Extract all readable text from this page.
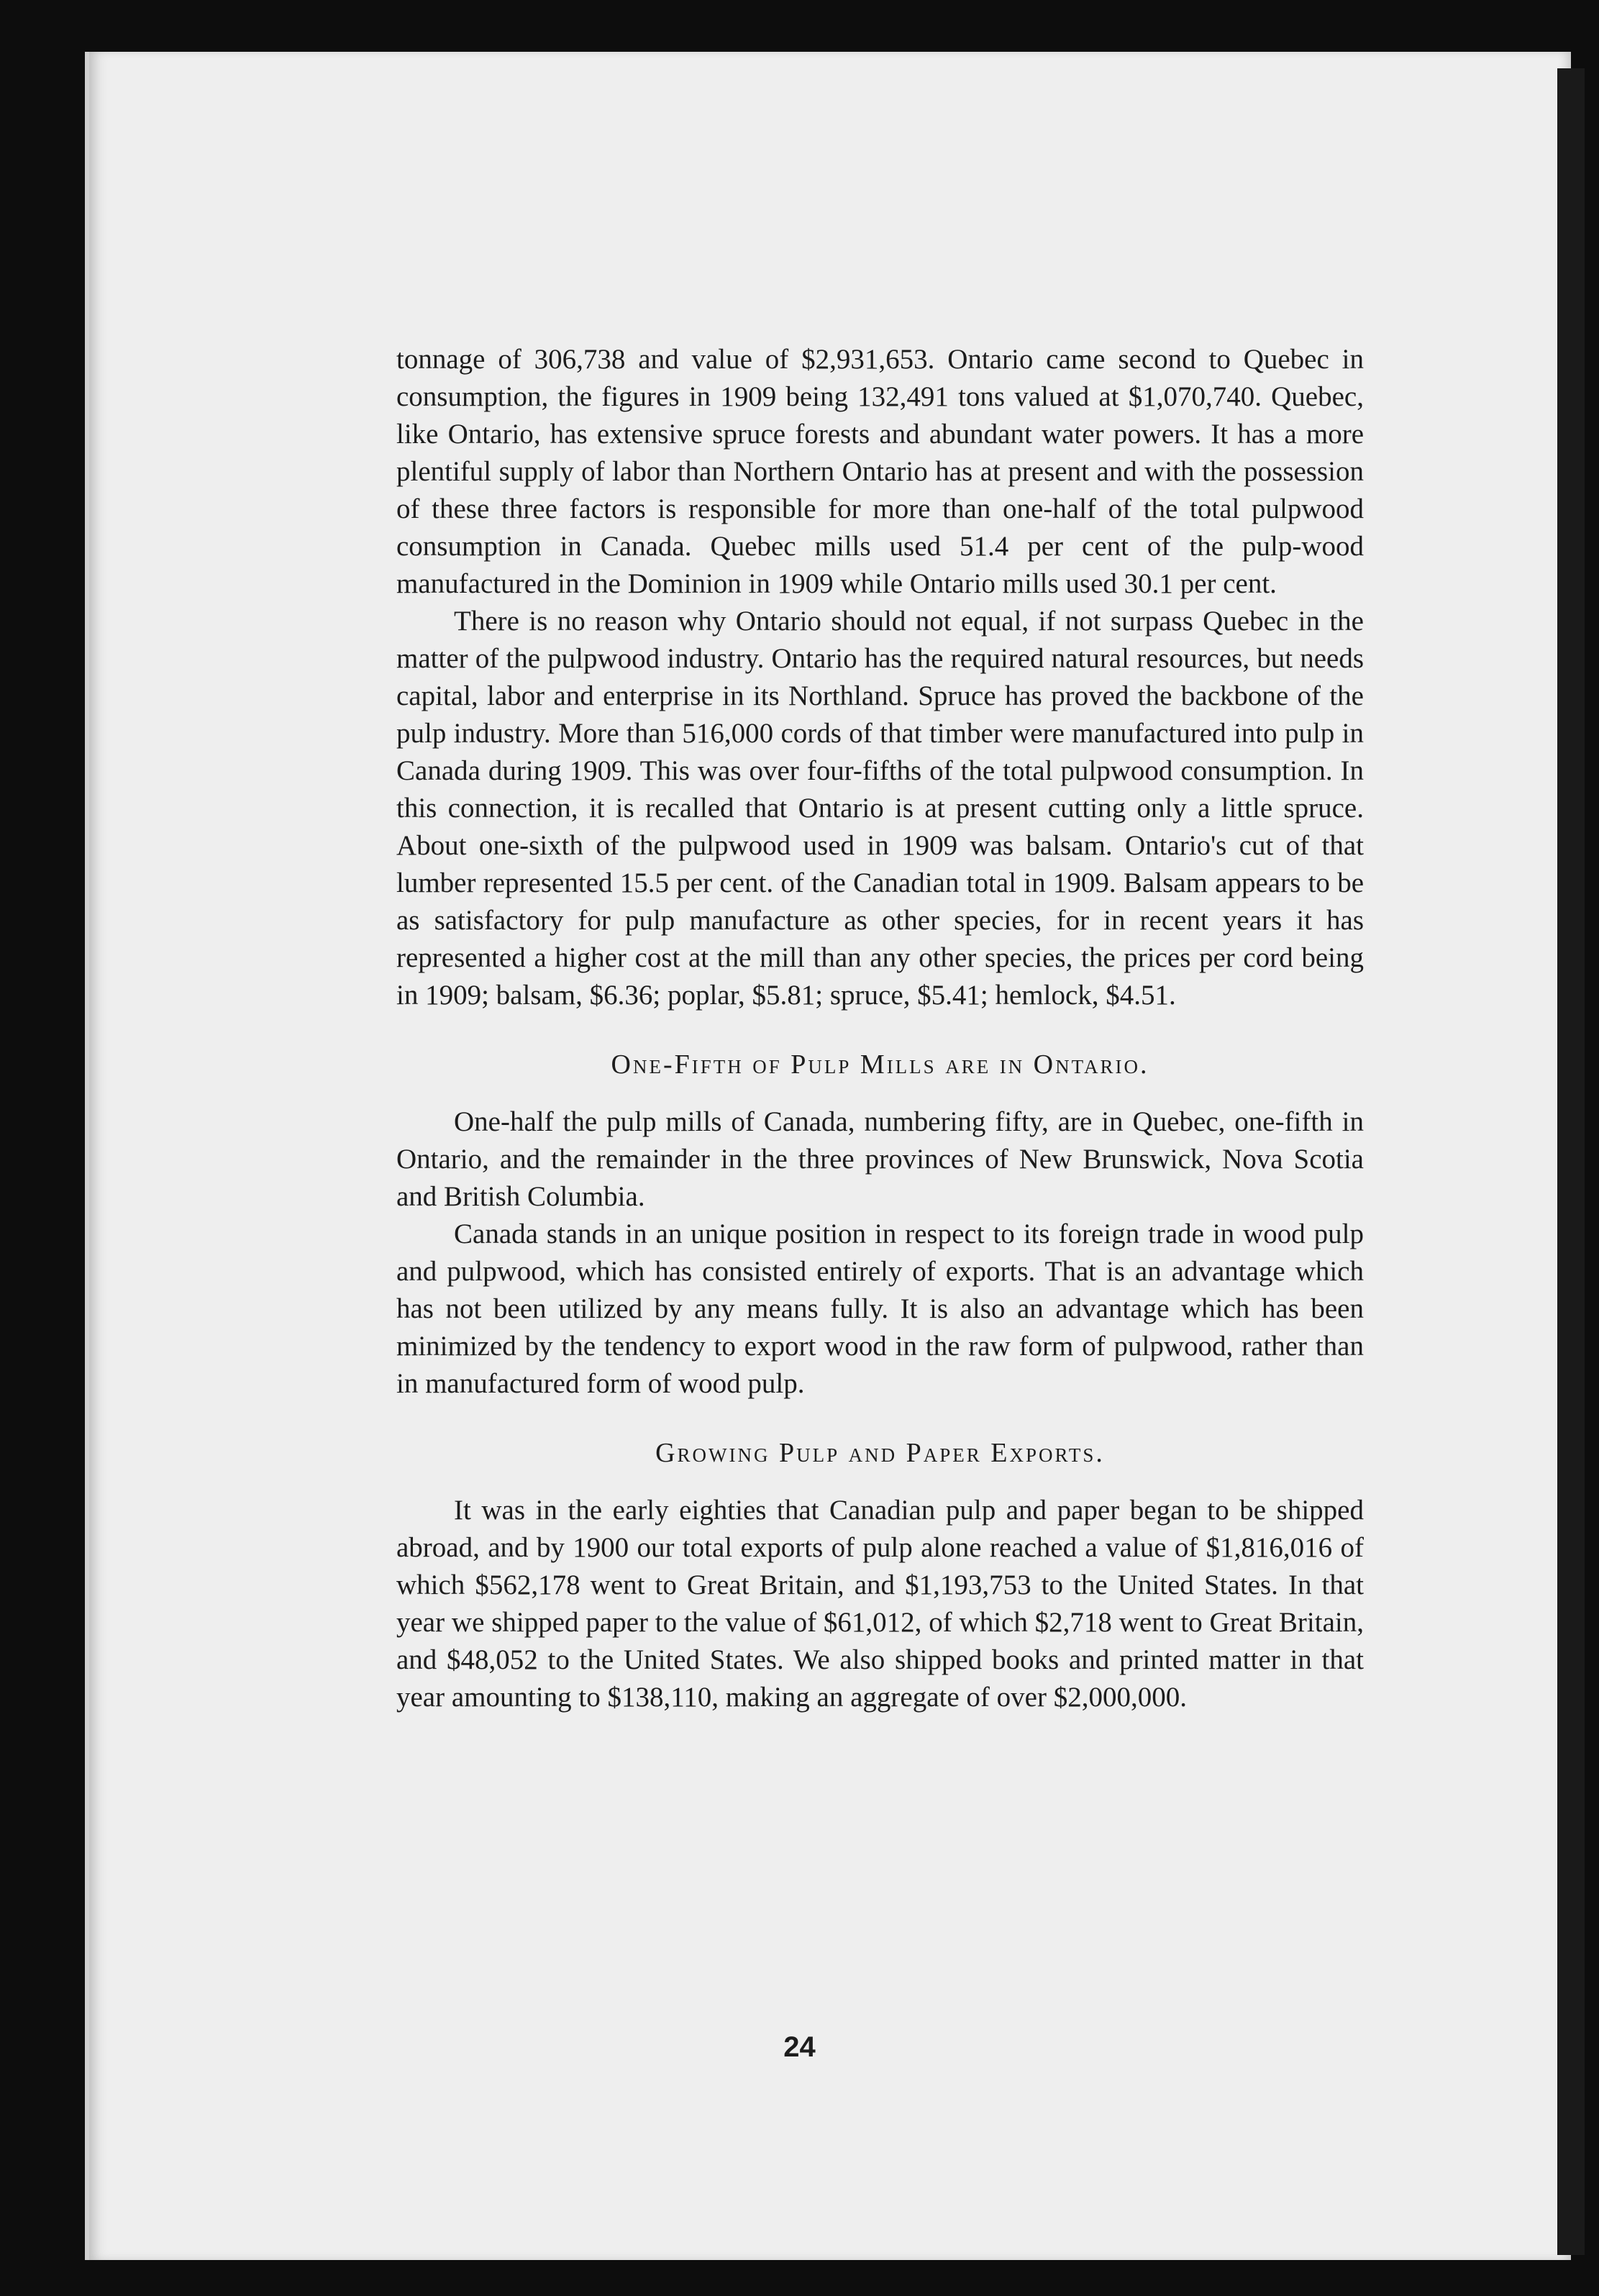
tonnage of 306,738 and value of $2,931,653. Ontario came second to Quebec in consumption, the figures in 1909 being 132,491 tons valued at $1,070,740. Quebec, like Ontario, has extensive spruce forests and abundant water powers. It has a more plentiful supply of labor than Northern Ontario has at present and with the possession of these three factors is responsible for more than one-half of the total pulpwood consumption in Canada. Quebec mills used 51.4 per cent of the pulp-wood manufactured in the Dominion in 1909 while Ontario mills used 30.1 per cent.

There is no reason why Ontario should not equal, if not surpass Quebec in the matter of the pulpwood industry. Ontario has the required natural resources, but needs capital, labor and enterprise in its Northland. Spruce has proved the backbone of the pulp industry. More than 516,000 cords of that timber were manufactured into pulp in Canada during 1909. This was over four-fifths of the total pulpwood consumption. In this connection, it is recalled that Ontario is at present cutting only a little spruce. About one-sixth of the pulpwood used in 1909 was balsam. Ontario's cut of that lumber represented 15.5 per cent. of the Canadian total in 1909. Balsam appears to be as satisfactory for pulp manufacture as other species, for in recent years it has represented a higher cost at the mill than any other species, the prices per cord being in 1909; balsam, $6.36; poplar, $5.81; spruce, $5.41; hemlock, $4.51.

One-Fifth of Pulp Mills are in Ontario.

One-half the pulp mills of Canada, numbering fifty, are in Quebec, one-fifth in Ontario, and the remainder in the three provinces of New Brunswick, Nova Scotia and British Columbia.

Canada stands in an unique position in respect to its foreign trade in wood pulp and pulpwood, which has consisted entirely of exports. That is an advantage which has not been utilized by any means fully. It is also an advantage which has been minimized by the tendency to export wood in the raw form of pulpwood, rather than in manufactured form of wood pulp.

Growing Pulp and Paper Exports.

It was in the early eighties that Canadian pulp and paper began to be shipped abroad, and by 1900 our total exports of pulp alone reached a value of $1,816,016 of which $562,178 went to Great Britain, and $1,193,753 to the United States. In that year we shipped paper to the value of $61,012, of which $2,718 went to Great Britain, and $48,052 to the United States. We also shipped books and printed matter in that year amounting to $138,110, making an aggregate of over $2,000,000.

24
